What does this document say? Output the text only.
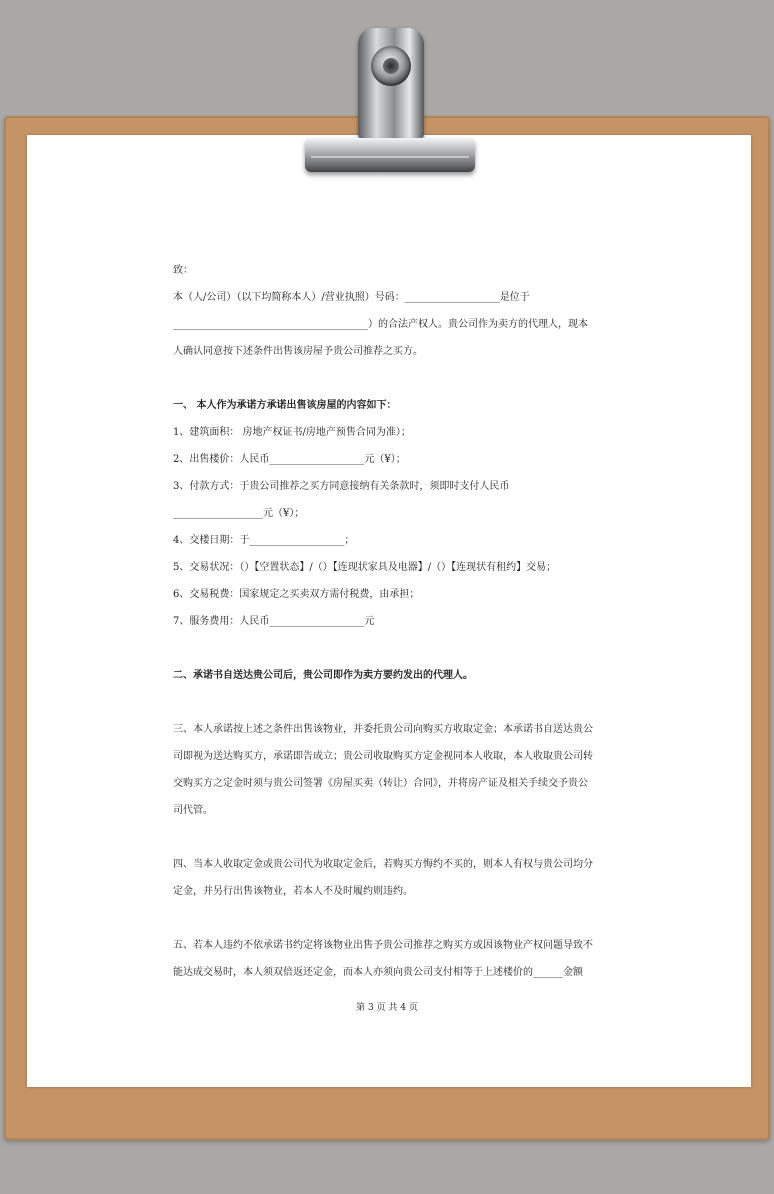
致：
本（人/公司）（以下均简称本人）/营业执照）号码：___________________是位于
_______________________________________）的合法产权人。贵公司作为卖方的代理人，现本
人确认同意按下述条件出售该房屋予贵公司推荐之买方。
一、 本人作为承诺方承诺出售该房屋的内容如下：
1、建筑面积： 房地产权证书/房地产预售合同为准）；
2、出售楼价：人民币___________________元（¥）；
3、付款方式：于贵公司推荐之买方同意接纳有关条款时，须即时支付人民币
__________________元（¥）；
4、交楼日期：于___________________；
5、交易状况：（）【空置状态】/（）【连现状家具及电器】/（）【连现状有租约】交易；
6、交易税费：国家规定之买卖双方需付税费，由承担；
7、服务费用：人民币___________________元
二、承诺书自送达贵公司后，贵公司即作为卖方要约发出的代理人。
三、本人承诺按上述之条件出售该物业，并委托贵公司向购买方收取定金；本承诺书自送达贵公
司即视为送达购买方，承诺即告成立；贵公司收取购买方定金视同本人收取，本人收取贵公司转
交购买方之定金时须与贵公司签署《房屋买卖（转让）合同》，并将房产证及相关手续交予贵公
司代管。
四、当本人收取定金或贵公司代为收取定金后，若购买方悔约不买的，则本人有权与贵公司均分
定金，并另行出售该物业，若本人不及时履约则违约。
五、若本人违约不依承诺书约定将该物业出售予贵公司推荐之购买方或因该物业产权问题导致不
能达成交易时，本人须双倍返还定金，而本人亦须向贵公司支付相等于上述楼价的______金额
第 3 页 共 4 页
